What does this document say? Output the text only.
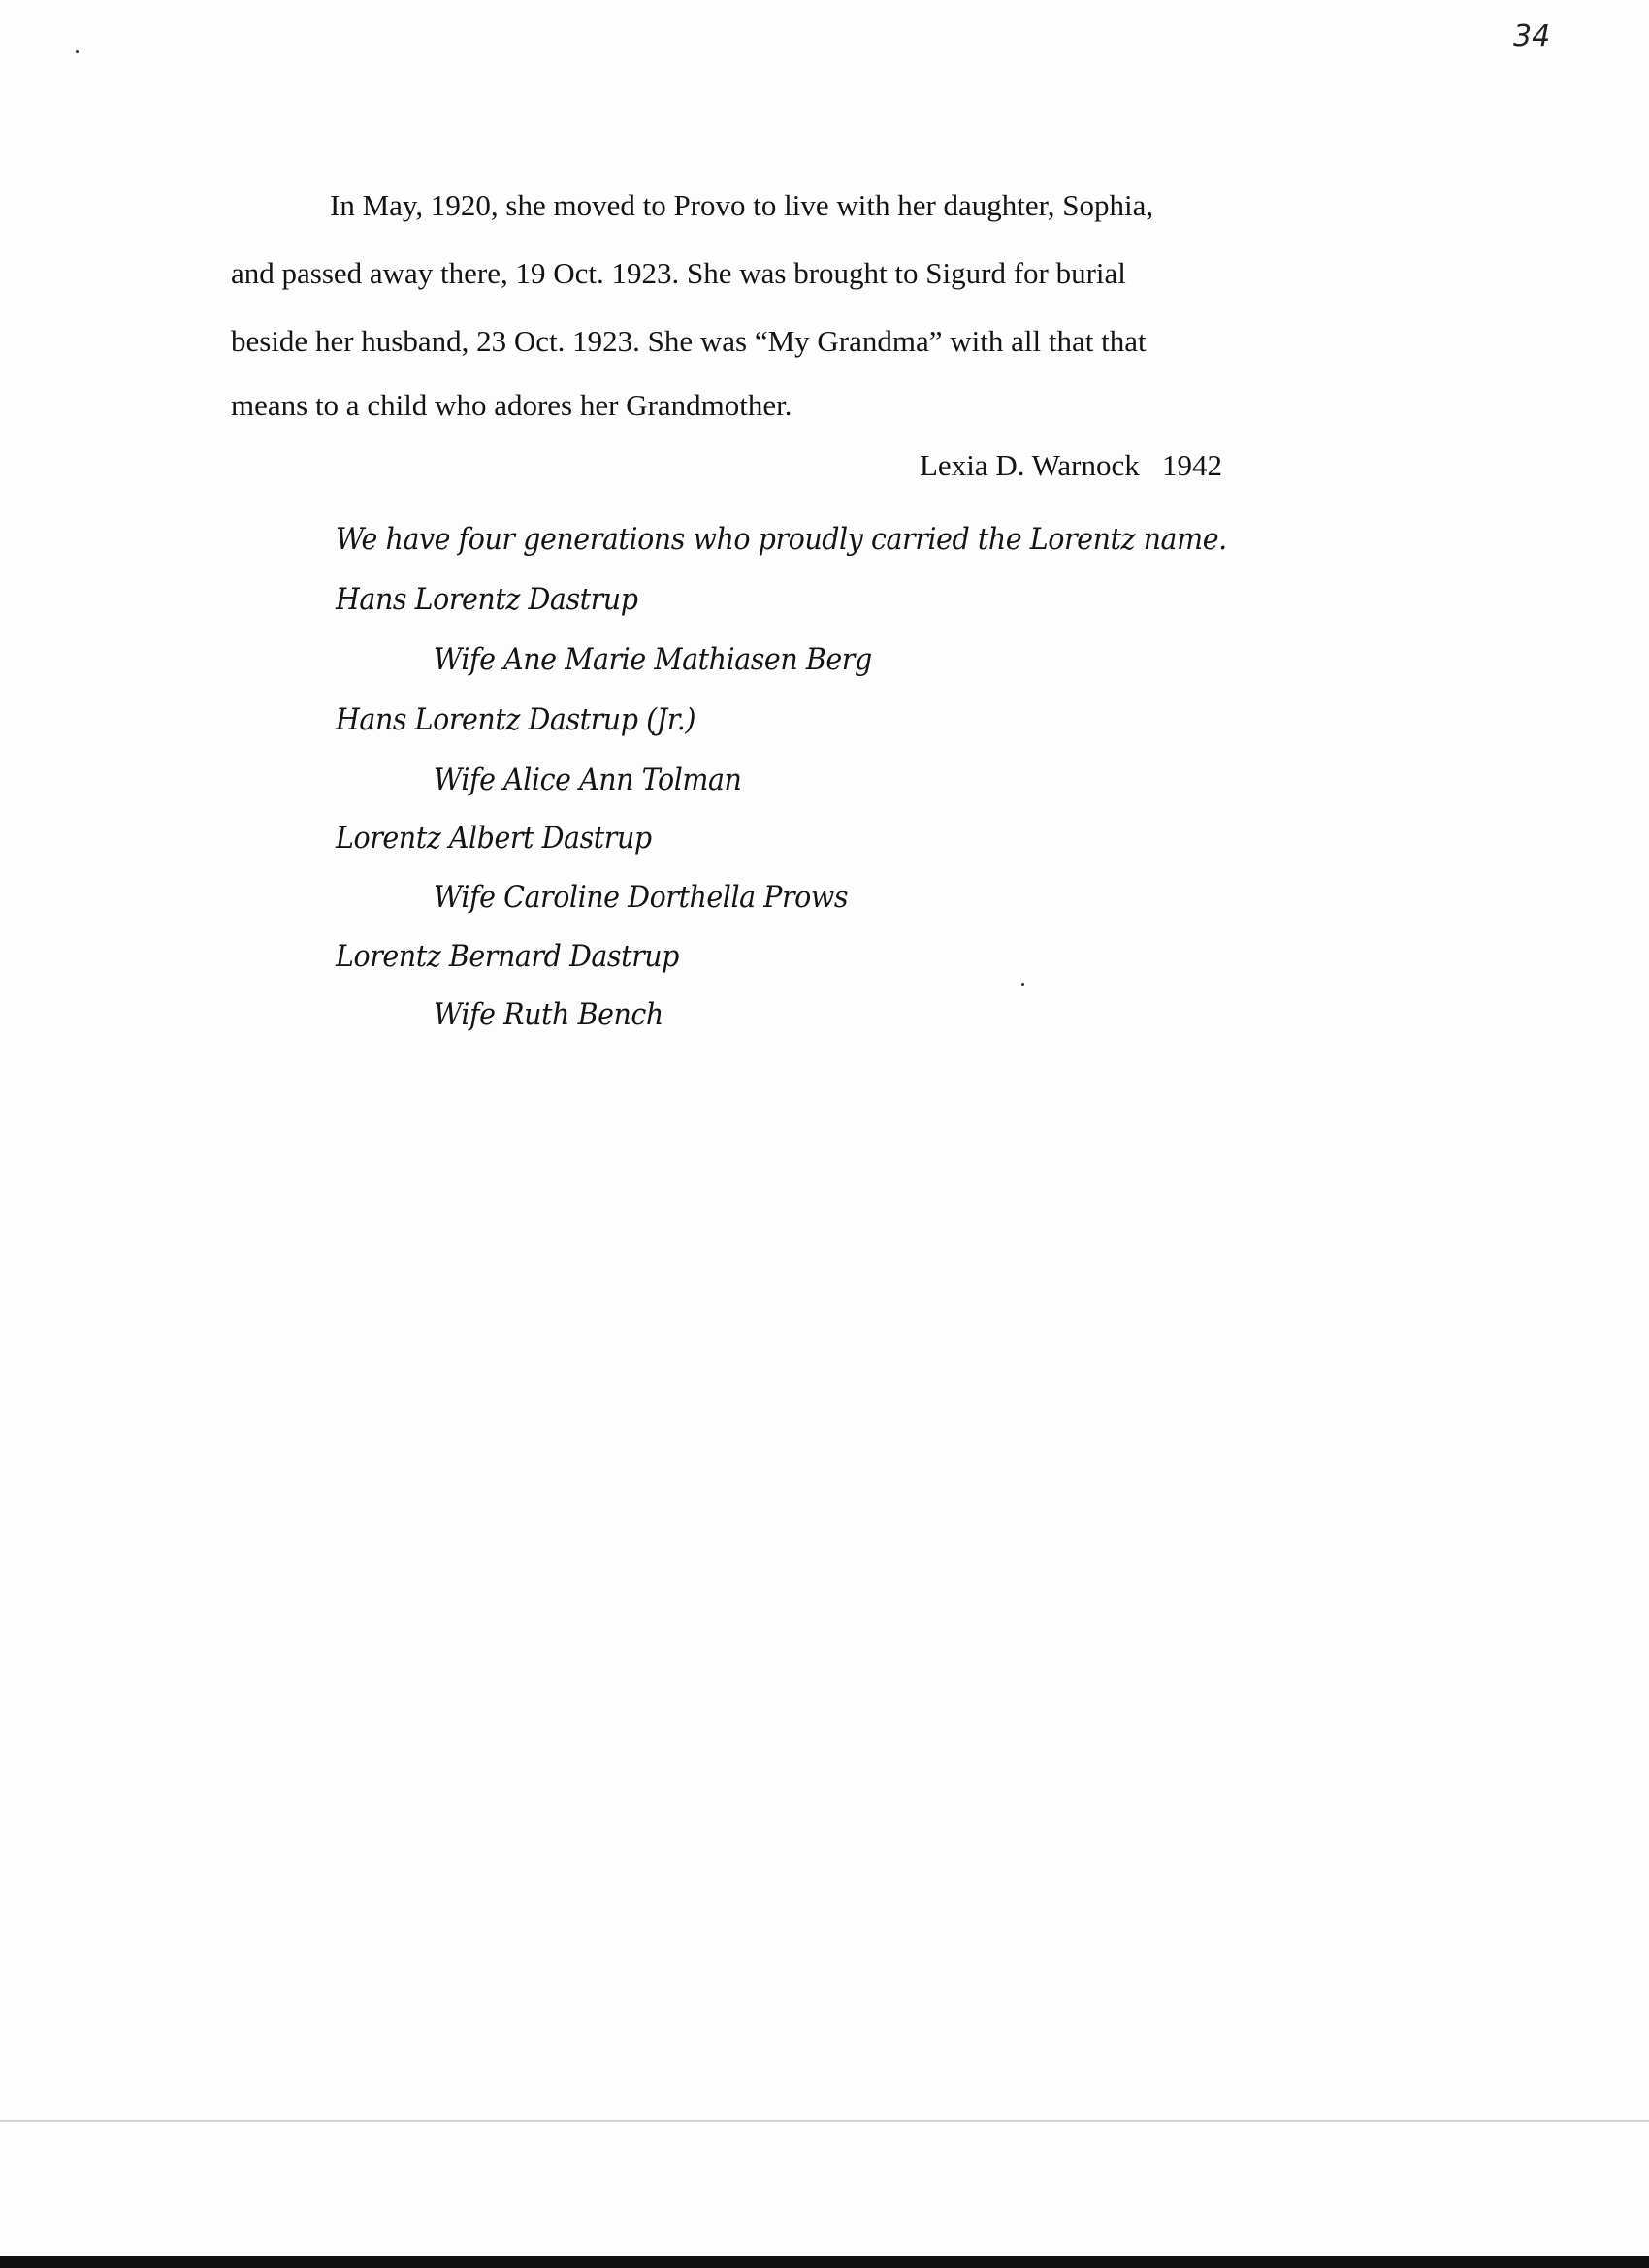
34
In May, 1920, she moved to Provo to live with her daughter, Sophia,
and passed away there, 19 Oct. 1923. She was brought to Sigurd for burial
beside her husband, 23 Oct. 1923. She was “My Grandma” with all that that
means to a child who adores her Grandmother.
Lexia D. Warnock   1942
We have four generations who proudly carried the Lorentz name.
Hans Lorentz Dastrup
Wife Ane Marie Mathiasen Berg
Hans Lorentz Dastrup (Jr.)
Wife Alice Ann Tolman
Lorentz Albert Dastrup
Wife Caroline Dorthella Prows
Lorentz Bernard Dastrup
Wife Ruth Bench
